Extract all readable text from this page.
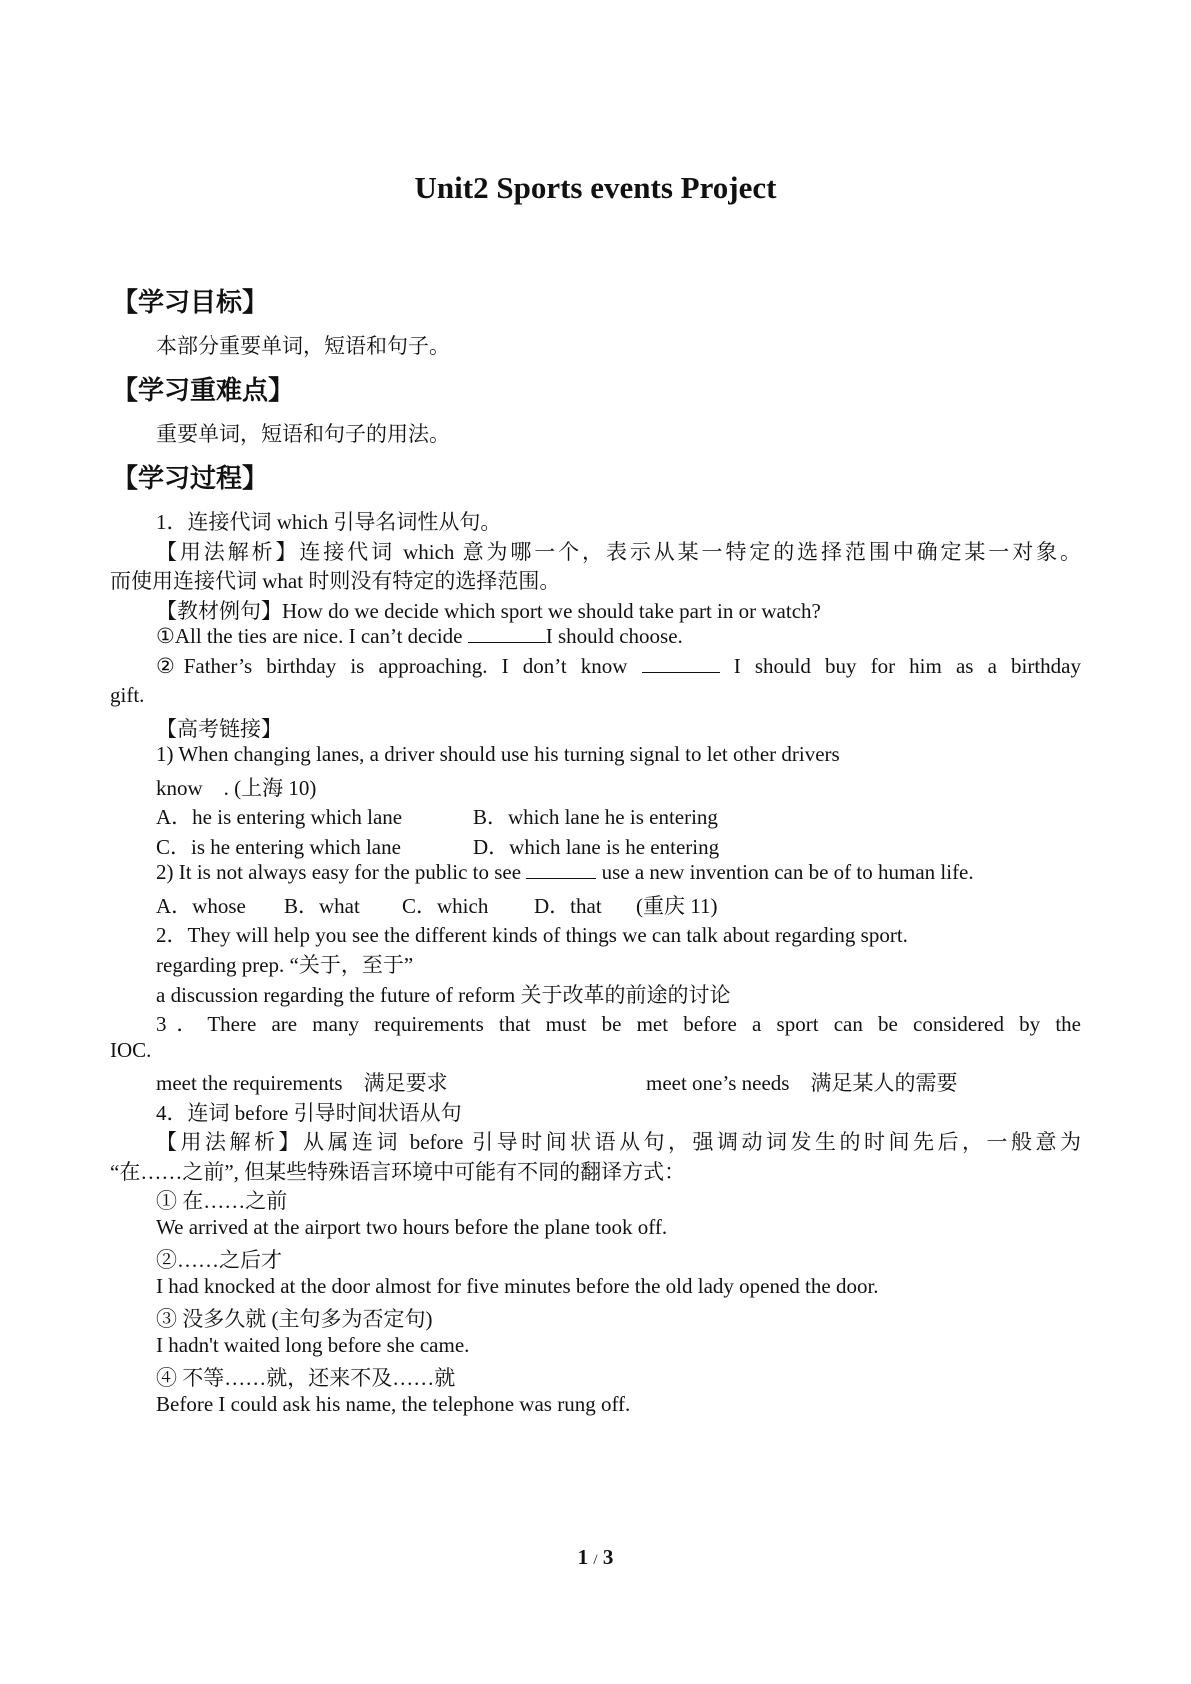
Unit2 Sports events Project
【学习目标】
本部分重要单词，短语和句子。
【学习重难点】
重要单词，短语和句子的用法。
【学习过程】
1．连接代词 which 引导名词性从句。
【用法解析】连接代词 which 意为哪一个，表示从某一特定的选择范围中确定某一对象。
而使用连接代词 what 时则没有特定的选择范围。
【教材例句】How do we decide which sport we should take part in or watch?
①All the ties are nice. I can’t decide	I should choose.
②Father’s birthday is approaching. I don’t know	I should buy for him as a birthday
gift.
【高考链接】
1) When changing lanes, a driver should use his turning signal to let other drivers
know　. (上海 10)
A．he is entering which lane	B．which lane he is entering
C．is he entering which lane	D．which lane is he entering
2) It is not always easy for the public to see	use a new invention can be of to human life.
A．whose B．what C．which D．that (重庆 11)
2．They will help you see the different kinds of things we can talk about regarding sport.
regarding prep. “关于，至于”
a discussion regarding the future of reform 关于改革的前途的讨论
3．There are many requirements that must be met before a sport can be considered by the
IOC.
meet the requirements　满足要求	meet one’s needs　满足某人的需要
4．连词 before 引导时间状语从句
【用法解析】从属连词 before 引导时间状语从句，强调动词发生的时间先后，一般意为
“在……之前”, 但某些特殊语言环境中可能有不同的翻译方式：
① 在……之前
We arrived at the airport two hours before the plane took off.
②……之后才
I had knocked at the door almost for five minutes before the old lady opened the door.
③ 没多久就 (主句多为否定句)
I hadn't waited long before she came.
④ 不等……就，还来不及……就
Before I could ask his name, the telephone was rung off.
1 / 3
